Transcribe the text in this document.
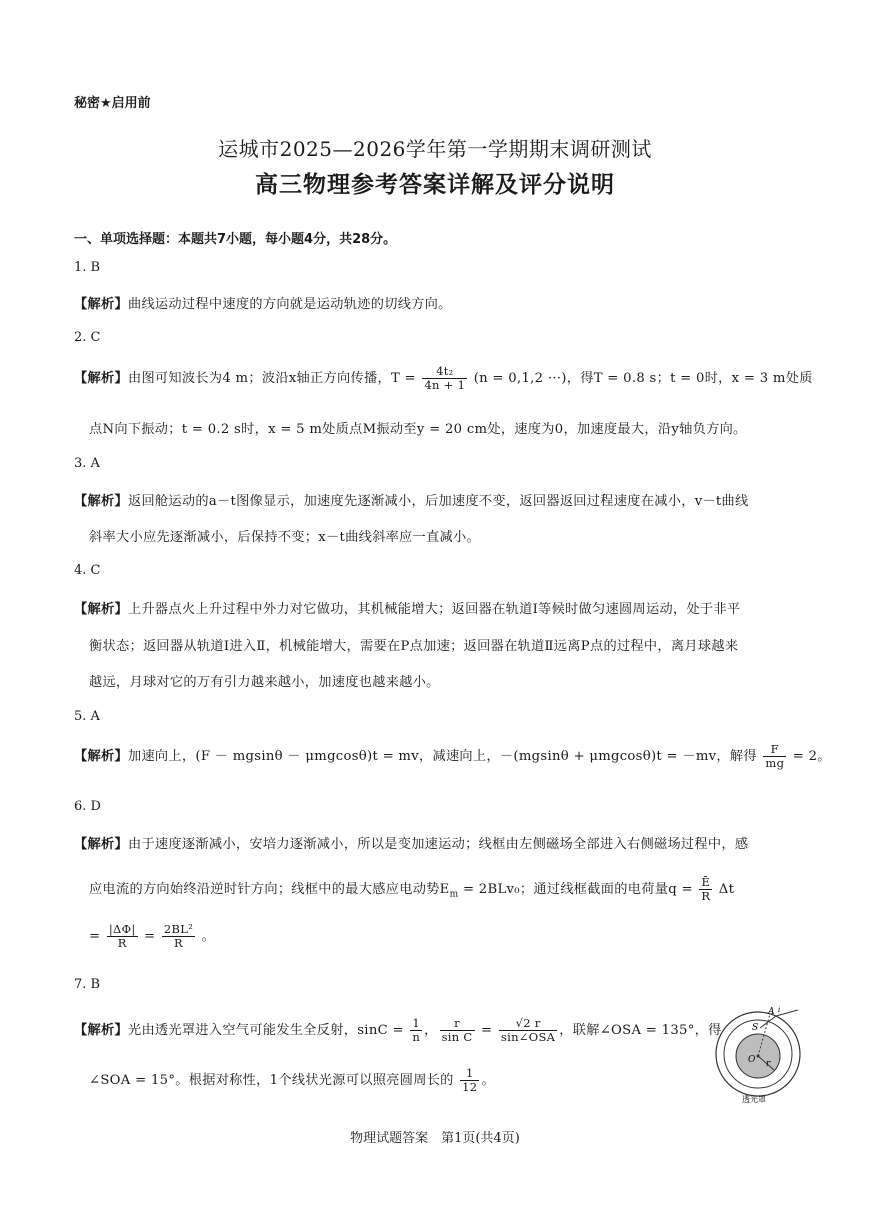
秘密★启用前
运城市2025—2026学年第一学期期末调研测试
高三物理参考答案详解及评分说明
一、单项选择题：本题共7小题，每小题4分，共28分。
1. B
【解析】曲线运动过程中速度的方向就是运动轨迹的切线方向。
2. C
【解析】由图可知波长为4 m；波沿x轴正方向传播，$T = \frac{\text{4t₂}}{4n + 1} (n = 0,1,2$ ···)，得T = 0.8 s；t = 0时，x = 3 m处质
点N向下振动；t = 0.2 s时，x = 5 m处质点M振动至y = 20 cm处，速度为0，加速度最大，沿y轴负方向。
3. A
【解析】返回舱运动的a－t图像显示，加速度先逐渐减小，后加速度不变，返回器返回过程速度在减小，v－t曲线
斜率大小应先逐渐减小，后保持不变；x－t曲线斜率应一直减小。
4. C
【解析】上升器点火上升过程中外力对它做功，其机械能增大；返回器在轨道Ⅰ等候时做匀速圆周运动，处于非平
衡状态；返回器从轨道Ⅰ进入Ⅱ，机械能增大，需要在P点加速；返回器在轨道Ⅱ远离P点的过程中，离月球越来
越远，月球对它的万有引力越来越小，加速度也越来越小。
5. A
【解析】加速向上，(F － mgsinθ － μmgcosθ)t = mv，减速向上，－(mgsinθ + μmgcosθ)t = －mv，解得 $\frac{F}{mg} = 2$。
6. D
【解析】由于速度逐渐减小，安培力逐渐减小，所以是变加速运动；线框由左侧磁场全部进入右侧磁场过程中，感
应电流的方向始终沿逆时针方向；线框中的最大感应电动势$E_m = 2BLv_0$；通过线框截面的电荷量$q = \frac{Ē}{R}$ Δt
= $\frac{|\Delta\Phi|}{R} = \frac{\text{2BL²}}{R}$ 。
7. B
【解析】光由透光罩进入空气可能发生全反射，$\sin C = \frac{1}{n}$ ， $\frac{r}{\text{sin C}} = \frac{√2 r}{\text{sin∠OSA}}$ ，联解∠OSA = 135°，得
∠SOA = 15°。根据对称性，1个线状光源可以照亮圆周长的 $\frac{1}{12}$ 。
A i
S
O r
透光罩
物理试题答案　第1页(共4页)
